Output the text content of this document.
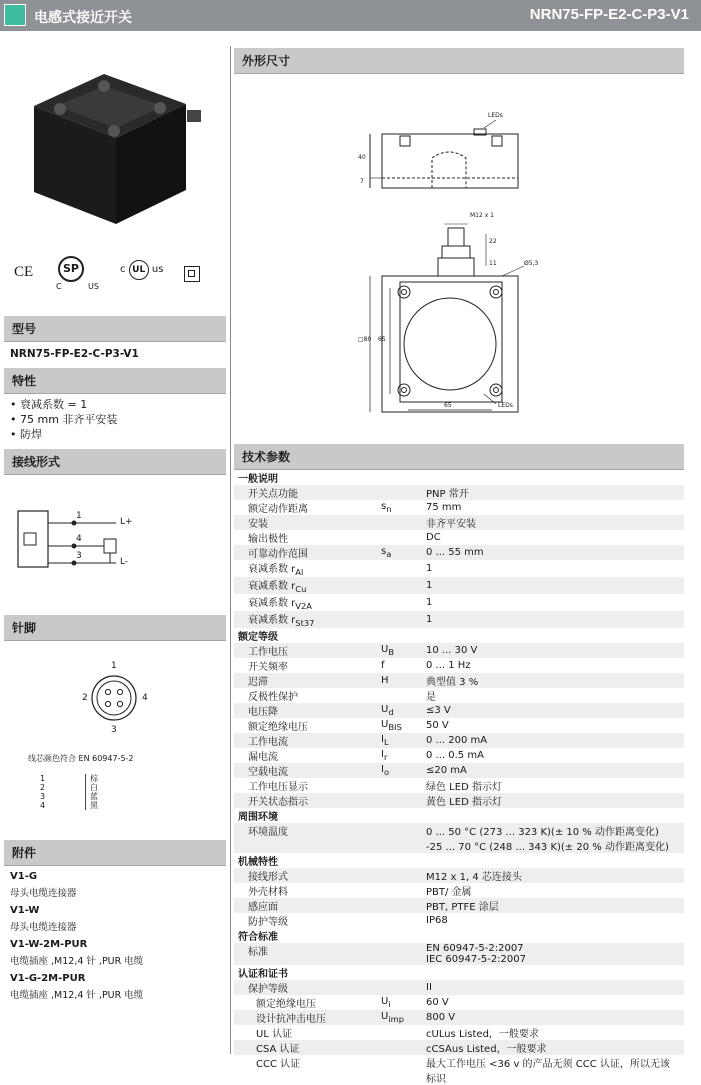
电感式接近开关	NRN75-FP-E2-C-P3-V1
CE	SP
C	US
c UL us
型号
NRN75-FP-E2-C-P3-V1
特性
• 衰减系数 = 1
• 75 mm 非齐平安装
• 防焊
接线形式
1
4
3
L+
L-
针脚
1
2	4
3
线芯颜色符合 EN 60947-5-2
1	棕
2	白
3	蓝
4	黑
附件
V1-G
母头电缆连接器
V1-W
母头电缆连接器
V1-W-2M-PUR
电缆插座 ,M12,4 针 ,PUR 电缆
V1-G-2M-PUR
电缆插座 ,M12,4 针 ,PUR 电缆
外形尺寸
LEDs
40
7
M12 x 1
22
11	Ø5,3
□80 65
65	LEDs
技术参数
一般说明		
开关点功能		PNP 常开
额定动作距离	$s_n$	75 mm
安装		非齐平安装
输出极性		DC
可靠动作范围	$s_a$	0 ... 55 mm
衰减系数 $r_{Al}$		1
衰减系数 $r_{Cu}$		1
衰减系数 $r_{V2A}$		1
衰减系数 $r_{St37}$		1
额定等级		
工作电压	$U_B$	10 ... 30 V
开关频率	f	0 ... 1 Hz
迟滞	H	典型值 3 %
反极性保护		是
电压降	$U_d$	≤3 V
额定绝缘电压	$U_{BIS}$	50 V
工作电流	$I_L$	0 ... 200 mA
漏电流	$I_r$	0 ... 0.5 mA
空载电流	$I_o$	≤20 mA
工作电压显示		绿色 LED 指示灯
开关状态指示		黄色 LED 指示灯
周围环境		
环境温度		0 ... 50 °C (273 ... 323 K)(± 10 % 动作距离变化)
-25 ... 70 °C (248 ... 343 K)(± 20 % 动作距离变化)
机械特性		
接线形式		M12 x 1, 4 芯连接头
外壳材料		PBT/ 金属
感应面		PBT, PTFE 涂层
防护等级		IP68
符合标准		
标准		EN 60947-5-2:2007
IEC 60947-5-2:2007
认证和证书		
保护等级		II
额定绝缘电压	$U_i$	60 V
设计抗冲击电压	$U_{imp}$	800 V
UL 认证		cULus Listed，一般要求
CSA 认证		cCSAus Listed，一般要求
CCC 认证		最大工作电压 <36 v 的产品无须 CCC 认证，所以无该
标识
